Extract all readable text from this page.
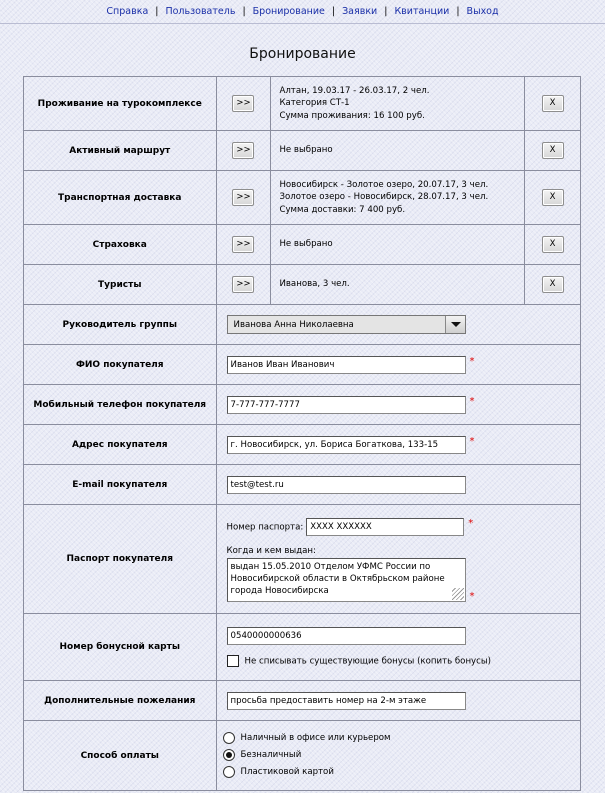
Справка | Пользователь | Бронирование | Заявки | Квитанции | Выход
Бронирование
Проживание на турокомплексе	>>	Алтан, 19.03.17 - 26.03.17, 2 чел.
Категория СТ-1
Сумма проживания: 16 100 руб.	X
Активный маршрут	>>	Не выбрано	X
Транспортная доставка	>>	Новосибирск - Золотое озеро, 20.07.17, 3 чел.
Золотое озеро - Новосибирск, 28.07.17, 3 чел.
Сумма доставки: 7 400 руб.	X
Страховка	>>	Не выбрано	X
Туристы	>>	Иванова, 3 чел.	X
Руководитель группы	Иванова Анна Николаевна		

ФИО покупателя	Иванов Иван Иванович *		
Мобильный телефон покупателя	7-777-777-7777 *		
Адрес покупателя	г. Новосибирск, ул. Бориса Богаткова, 133-15 *		
E-mail покупателя	test@test.ru		
Паспорт покупателя	Номер паспорта: XXXX XXXXXX *
Когда и кем выдан:
выдан 15.05.2010 Отделом УФМС России по Новосибирской области в Октябрьском районе города Новосибирска *		

Номер бонусной карты	0540000000636
Не списывать существующие бонусы (копить бонусы)		

Дополнительные пожелания	просьба предоставить номер на 2-м этаже		
Способ оплаты	Наличный в офисе или курьером
Безналичный
Пластиковой картой		
